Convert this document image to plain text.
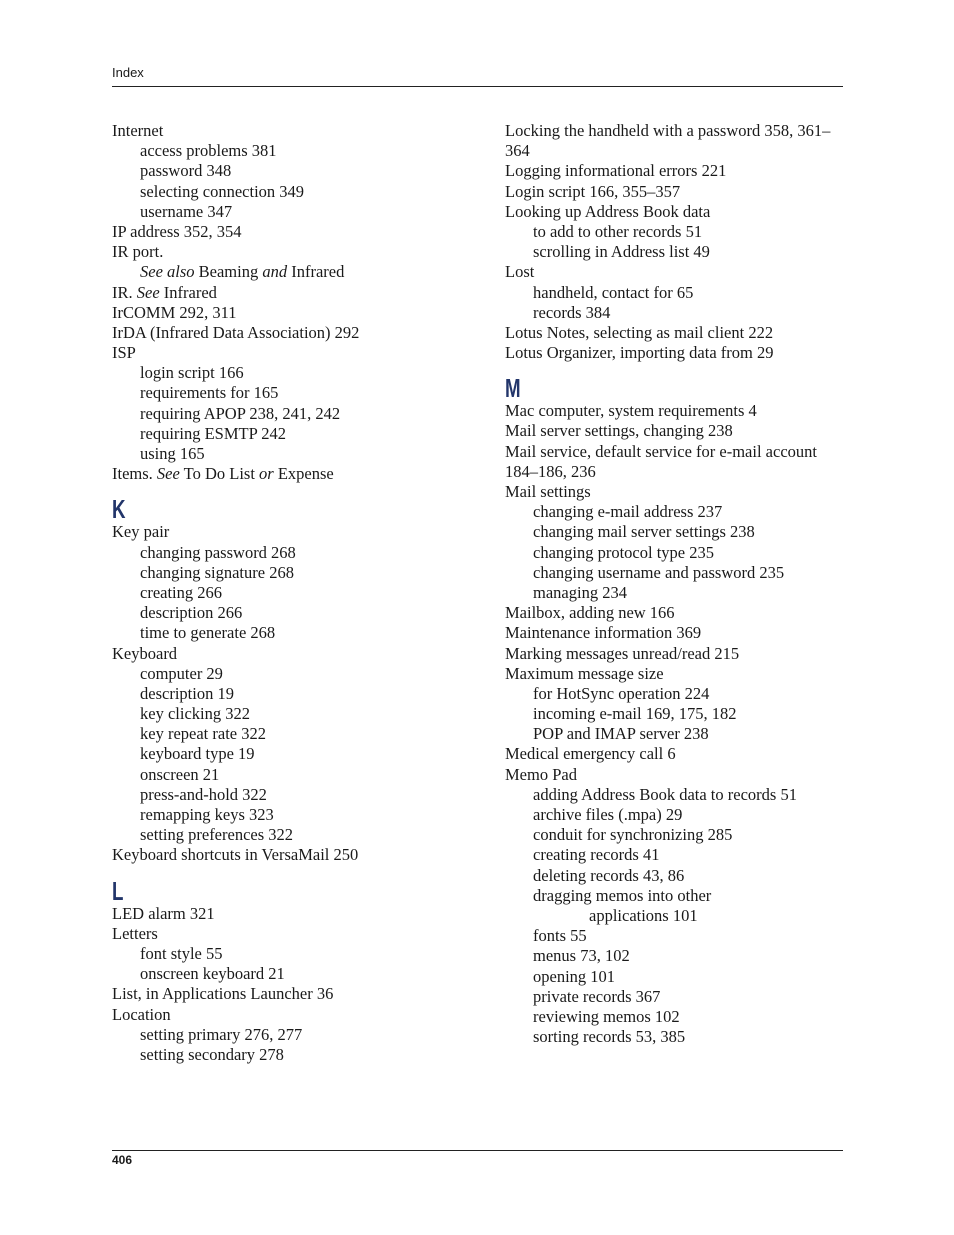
Index
Internet
access problems 381
password 348
selecting connection 349
username 347
IP address 352, 354
IR port.
See also Beaming and Infrared
IR. See Infrared
IrCOMM 292, 311
IrDA (Infrared Data Association) 292
ISP
login script 166
requirements for 165
requiring APOP 238, 241, 242
requiring ESMTP 242
using 165
Items. See To Do List or Expense
K
Key pair
changing password 268
changing signature 268
creating 266
description 266
time to generate 268
Keyboard
computer 29
description 19
key clicking 322
key repeat rate 322
keyboard type 19
onscreen 21
press-and-hold 322
remapping keys 323
setting preferences 322
Keyboard shortcuts in VersaMail 250
L
LED alarm 321
Letters
font style 55
onscreen keyboard 21
List, in Applications Launcher 36
Location
setting primary 276, 277
setting secondary 278
Locking the handheld with a password 358, 361–364
Logging informational errors 221
Login script 166, 355–357
Looking up Address Book data
to add to other records 51
scrolling in Address list 49
Lost
handheld, contact for 65
records 384
Lotus Notes, selecting as mail client 222
Lotus Organizer, importing data from 29
M
Mac computer, system requirements 4
Mail server settings, changing 238
Mail service, default service for e-mail account 184–186, 236
Mail settings
changing e-mail address 237
changing mail server settings 238
changing protocol type 235
changing username and password 235
managing 234
Mailbox, adding new 166
Maintenance information 369
Marking messages unread/read 215
Maximum message size
for HotSync operation 224
incoming e-mail 169, 175, 182
POP and IMAP server 238
Medical emergency call 6
Memo Pad
adding Address Book data to records 51
archive files (.mpa) 29
conduit for synchronizing 285
creating records 41
deleting records 43, 86
dragging memos into other
applications 101
fonts 55
menus 73, 102
opening 101
private records 367
reviewing memos 102
sorting records 53, 385
406
